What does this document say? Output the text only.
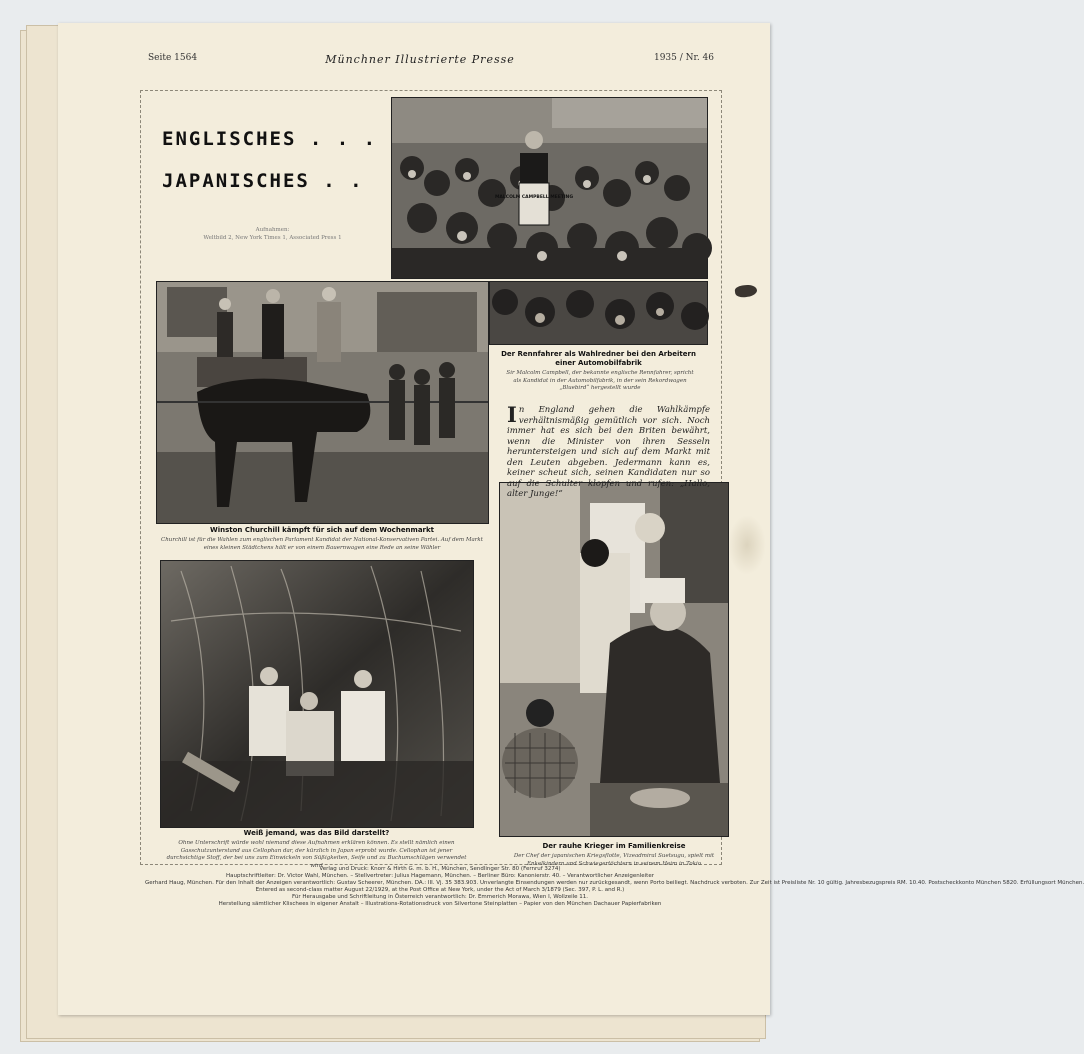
Seite 1564	Münchner Illustrierte Presse	1935 / Nr. 46
ENGLISCHES . . .
JAPANISCHES . .
Aufnahmen:
Weltbild 2, New York Times 1, Associated Press 1
MALCOLM CAMPBELL MEETING
Der Rennfahrer als Wahlredner bei den Arbeitern einer Automobilfabrik
Sir Malcolm Campbell, der bekannte englische Rennfahrer, spricht als Kandidat in der Automobilfabrik, in der sein Rekordwagen „Bluebird“ hergestellt wurde
In England gehen die Wahlkämpfe verhältnismäßig gemütlich vor sich. Noch immer hat es sich bei den Briten bewährt, wenn die Minister von ihren Sesseln heruntersteigen und sich auf dem Markt mit den Leuten abgeben. Jedermann kann es, keiner scheut sich, seinen Kandidaten nur so auf die Schulter klopfen und rufen: „Hallo, alter Junge!“
Winston Churchill kämpft für sich auf dem Wochenmarkt
Churchill ist für die Wahlen zum englischen Parlament Kandidat der National-Konservativen Partei. Auf dem Markt eines kleinen Städtchens hält er von einem Bauernwagen eine Rede an seine Wähler
Weiß jemand, was das Bild darstellt?
Ohne Unterschrift würde wohl niemand diese Aufnahmen erklären können. Es stellt nämlich einen Gasschutzunterstand aus Cellophan dar, der kürzlich in Japan erprobt wurde. Cellophan ist jener durchsichtige Stoff, der bei uns zum Einwickeln von Süßigkeiten, Seife und zu Buchumschlägen verwendet wird
Der rauhe Krieger im Familienkreise
Der Chef der japanischen Kriegsflotte, Vizeadmiral Suetsugu, spielt mit Enkelkindern und Schwiegertöchtern in seinem Heim in Tokio
Verlag und Druck: Knorr & Hirth G. m. b. H., München, Sendlinger Str. 80 (Fernruf 3274)
Hauptschriftleiter: Dr. Victor Wahl, München. – Stellvertreter: Julius Hagemann, München. – Berliner Büro: Kanonierstr. 40. – Verantwortlicher Anzeigenleiter
Gerhard Haug, München. Für den Inhalt der Anzeigen verantwortlich: Gustav Scheerer, München. DA.: III. Vj. 35 383.903. Unverlangte Einsendungen werden nur zurückgesandt, wenn Porto beiliegt. Nachdruck verboten. Zur Zeit ist Preisliste Nr. 10 gültig. Jahresbezugspreis RM. 10.40. Postscheckkonto München 5820. Erfüllungsort München.
Entered as second-class matter August 22/1929, at the Post Office at New York, under the Act of March 3/1879 (Sec. 397, P. L. and R.)
Für Herausgabe und Schriftleitung in Österreich verantwortlich: Dr. Emmerich Morawa, Wien I, Wollzeile 11.
Herstellung sämtlicher Klischees in eigener Anstalt – Illustrations-Rotationsdruck von Silvertone Steinplatten – Papier von den München Dachauer Papierfabriken
